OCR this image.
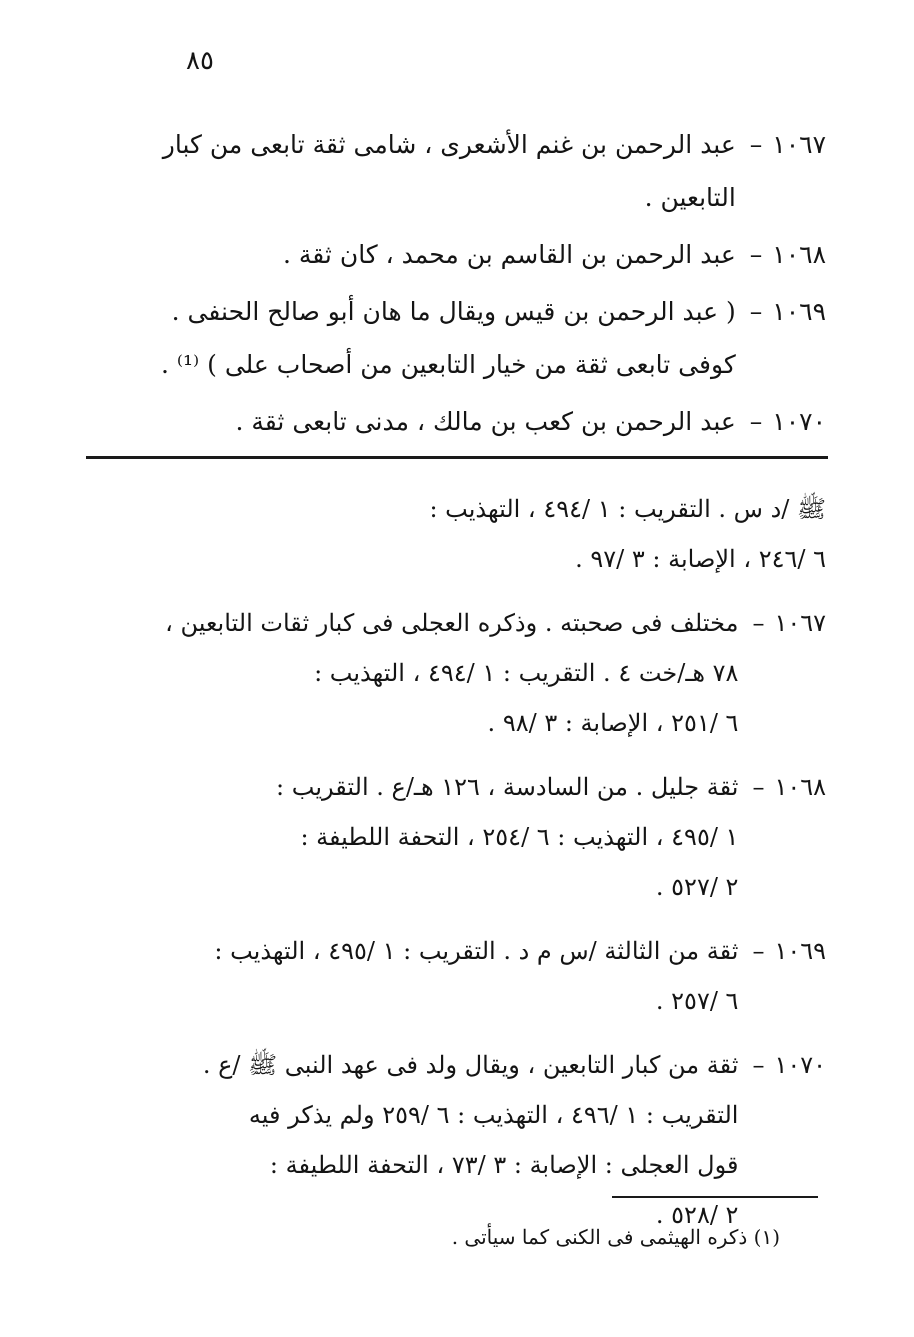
٨٥
١٠٦٧
–
عبد الرحمن بن غنم الأشعرى ، شامى ثقة تابعى من كبار
التابعين .
١٠٦٨
–
عبد الرحمن بن القاسم بن محمد ، كان ثقة .
١٠٦٩
–
( عبد الرحمن بن قيس ويقال ما هان أبو صالح الحنفى .
كوفى تابعى ثقة من خيار التابعين من أصحاب على ) ⁽¹⁾ .
١٠٧٠
–
عبد الرحمن بن كعب بن مالك ، مدنى تابعى ثقة .
ﷺ /د س . التقريب : ١ /٤٩٤ ، التهذيب :
٦ /٢٤٦ ، الإصابة : ٣ /٩٧ .
١٠٦٧
–
مختلف فى صحبته . وذكره العجلى فى كبار ثقات التابعين ،
٧٨ هـ/خت ٤ . التقريب : ١ /٤٩٤ ، التهذيب :
٦ /٢٥١ ، الإصابة : ٣ /٩٨ .
١٠٦٨
–
ثقة جليل . من السادسة ، ١٢٦ هـ/ع . التقريب :
١ /٤٩٥ ، التهذيب : ٦ /٢٥٤ ، التحفة اللطيفة :
٢ /٥٢٧ .
١٠٦٩
–
ثقة من الثالثة /س م د . التقريب : ١ /٤٩٥ ، التهذيب :
٦ /٢٥٧ .
١٠٧٠
–
ثقة من كبار التابعين ، ويقال ولد فى عهد النبى ﷺ /ع .
التقريب : ١ /٤٩٦ ، التهذيب : ٦ /٢٥٩ ولم يذكر فيه
قول العجلى : الإصابة : ٣ /٧٣ ، التحفة اللطيفة :
٢ /٥٢٨ .
(١) ذكره الهيثمى فى الكنى كما سيأتى .
